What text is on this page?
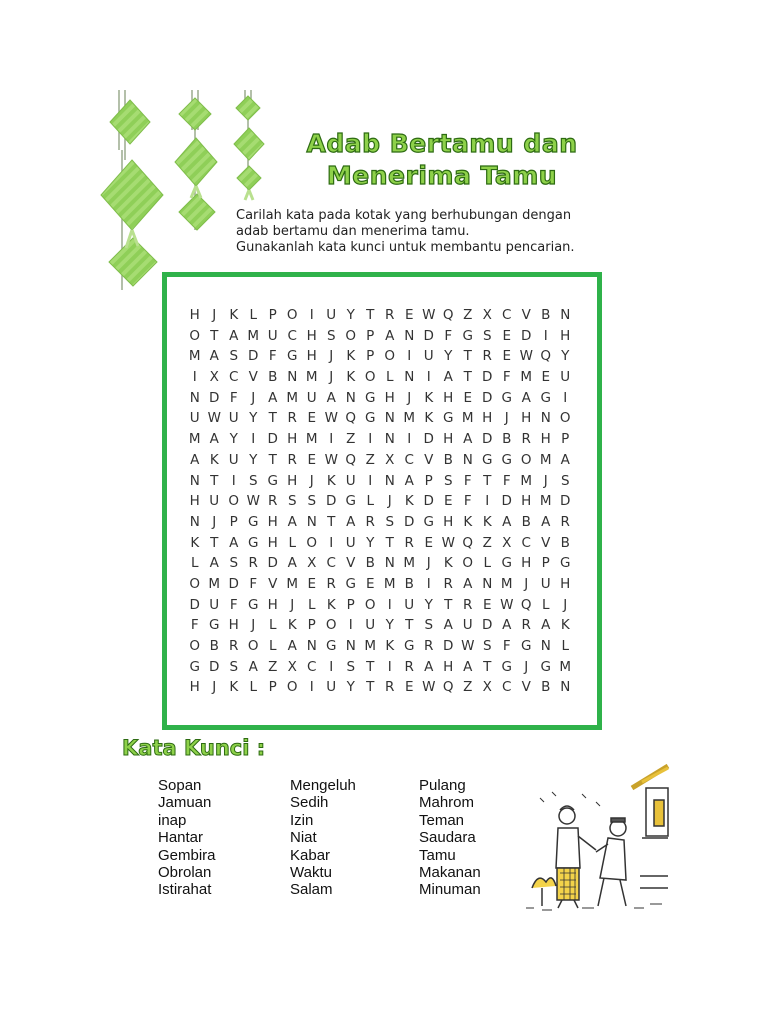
Adab Bertamu dan
Menerima Tamu
Carilah kata pada kotak yang berhubungan dengan
adab bertamu dan menerima tamu.
Gunakanlah kata kunci untuk membantu pencarian.
H J K L P O I U Y T R E W Q Z X C V B N
O T A M U C H S O P A N D F G S E D I H
M A S D F G H J K P O I U Y T R E W Q Y
I X C V B N M J K O L N I A T D F M E U
N D F	J A M U A N G H J K H E D G A G I
U W U Y T R E W Q G N M K G M H J H N O
M A Y I D H M I Z I N I D H A D B R H P
A K U Y T R E W Q Z X C V B N G G O M A
N T I S G H J K U I N A P S F T F M J S
H U O W R S S D G L	J K D E F	I D H M D
N J P G H A N T A R S D G H K K A B A R
K T A G H L O I U Y T R E W Q Z X C V B
L A S R D A X C V B N M J K O L G H P G
O M D F V M E R G E M B I R A N M J U H
D U F G H J	L K P O I U Y T R E W Q L	J
F G H J	L K P O I U Y T S A U D A R A K
O B R O L A N G N M K G R D W S F G N L
G D S A Z X C I S T I R A H A T G J G M
H J K L P O I U Y T R E W Q Z X C V B N
Kata Kunci :
Sopan
Jamuan
inap
Hantar
Gembira
Obrolan
Istirahat
Mengeluh
Sedih
Izin
Niat
Kabar
Waktu
Salam
Pulang
Mahrom
Teman
Saudara
Tamu
Makanan
Minuman
